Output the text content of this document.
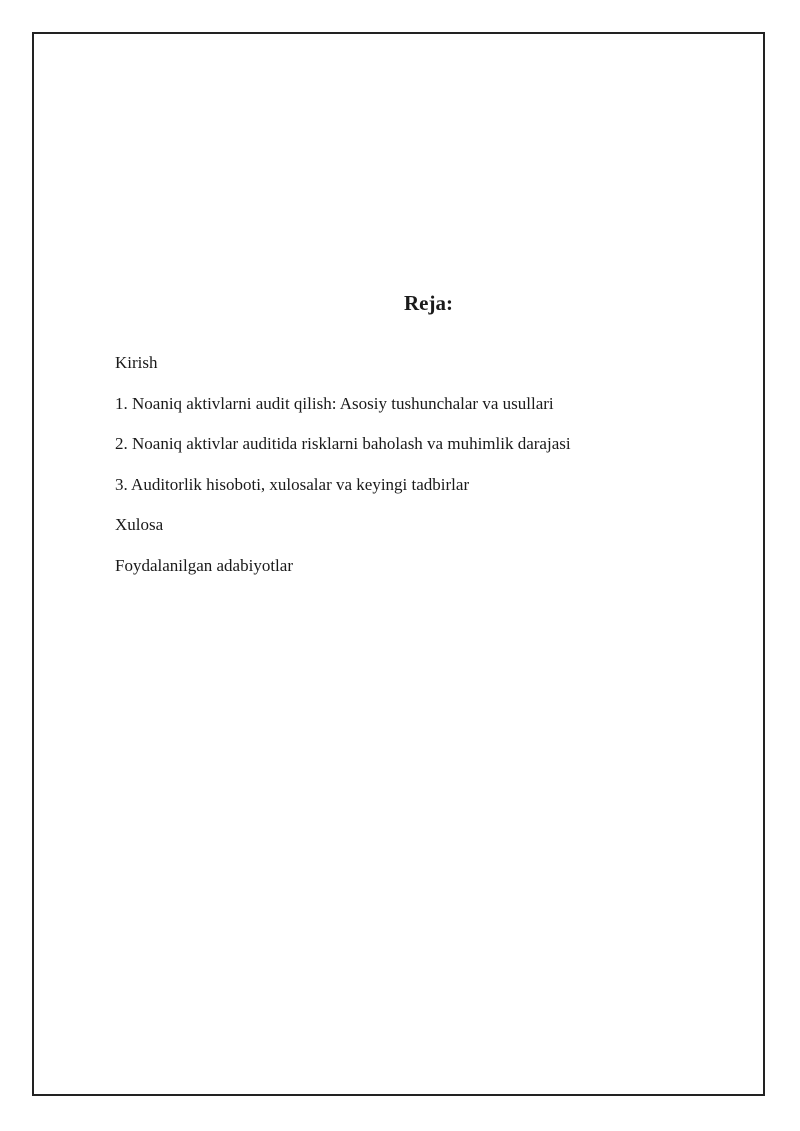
Reja:
Kirish
1. Noaniq aktivlarni audit qilish: Asosiy tushunchalar va usullari
2. Noaniq aktivlar auditida risklarni baholash va muhimlik darajasi
3. Auditorlik hisoboti, xulosalar va keyingi tadbirlar
Xulosa
Foydalanilgan adabiyotlar
